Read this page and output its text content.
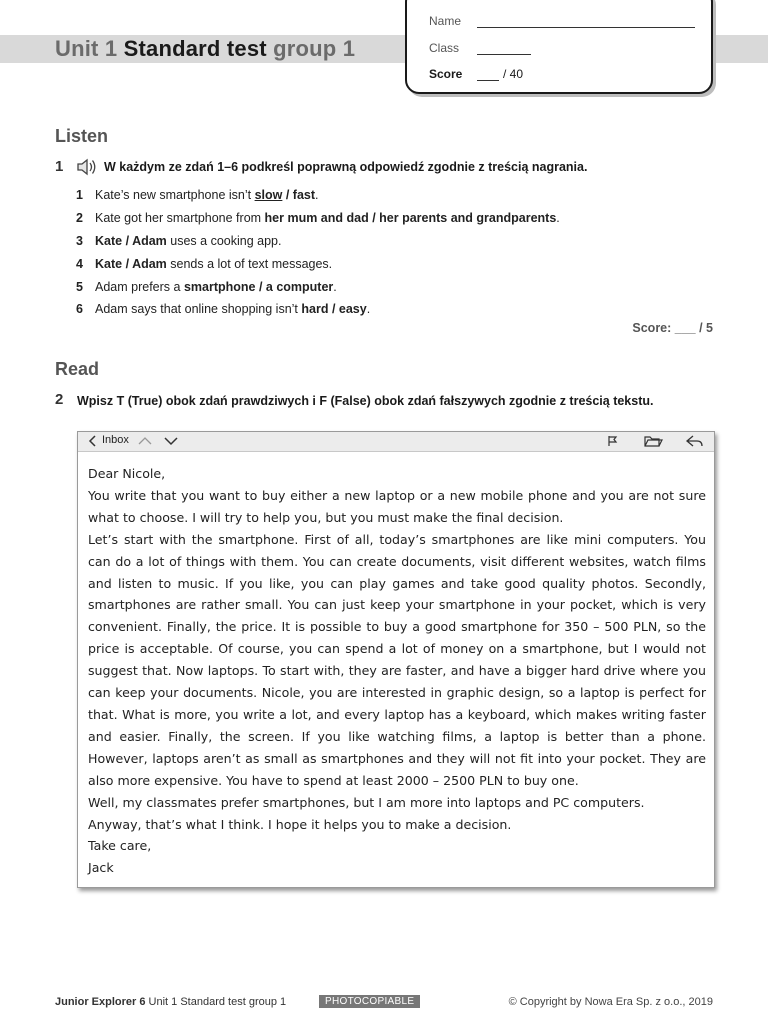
Unit 1 Standard test group 1
Name
Class
Score	/ 40
Listen
1	W każdym ze zdań 1–6 podkreśl poprawną odpowiedź zgodnie z treścią nagrania.
1 Kate’s new smartphone isn’t slow / fast.
2 Kate got her smartphone from her mum and dad / her parents and grandparents.
3 Kate / Adam uses a cooking app.
4 Kate / Adam sends a lot of text messages.
5 Adam prefers a smartphone / a computer.
6 Adam says that online shopping isn’t hard / easy.
Score: ___ / 5
Read
2 Wpisz T (True) obok zdań prawdziwych i F (False) obok zdań fałszywych zgodnie z treścią tekstu.
Inbox

Dear Nicole,

You write that you want to buy either a new laptop or a new mobile phone and you are not sure what to choose. I will try to help you, but you must make the final decision.

Let’s start with the smartphone. First of all, today’s smartphones are like mini computers. You can do a lot of things with them. You can create documents, visit different websites, watch films and listen to music. If you like, you can play games and take good quality photos. Secondly, smartphones are rather small. You can just keep your smartphone in your pocket, which is very convenient. Finally, the price. It is possible to buy a good smartphone for 350 – 500 PLN, so the price is acceptable. Of course, you can spend a lot of money on a smartphone, but I would not suggest that. Now laptops. To start with, they are faster, and have a bigger hard drive where you can keep your documents. Nicole, you are interested in graphic design, so a laptop is perfect for that. What is more, you write a lot, and every laptop has a keyboard, which makes writing faster and easier. Finally, the screen. If you like watching films, a laptop is better than a phone. However, laptops aren’t as small as smartphones and they will not fit into your pocket. They are also more expensive. You have to spend at least 2000 – 2500 PLN to buy one.

Well, my classmates prefer smartphones, but I am more into laptops and PC computers.

Anyway, that’s what I think. I hope it helps you to make a decision.

Take care,

Jack

Junior Explorer 6 Unit 1 Standard test group 1	PHOTOCOPIABLE	© Copyright by Nowa Era Sp. z o.o., 2019
